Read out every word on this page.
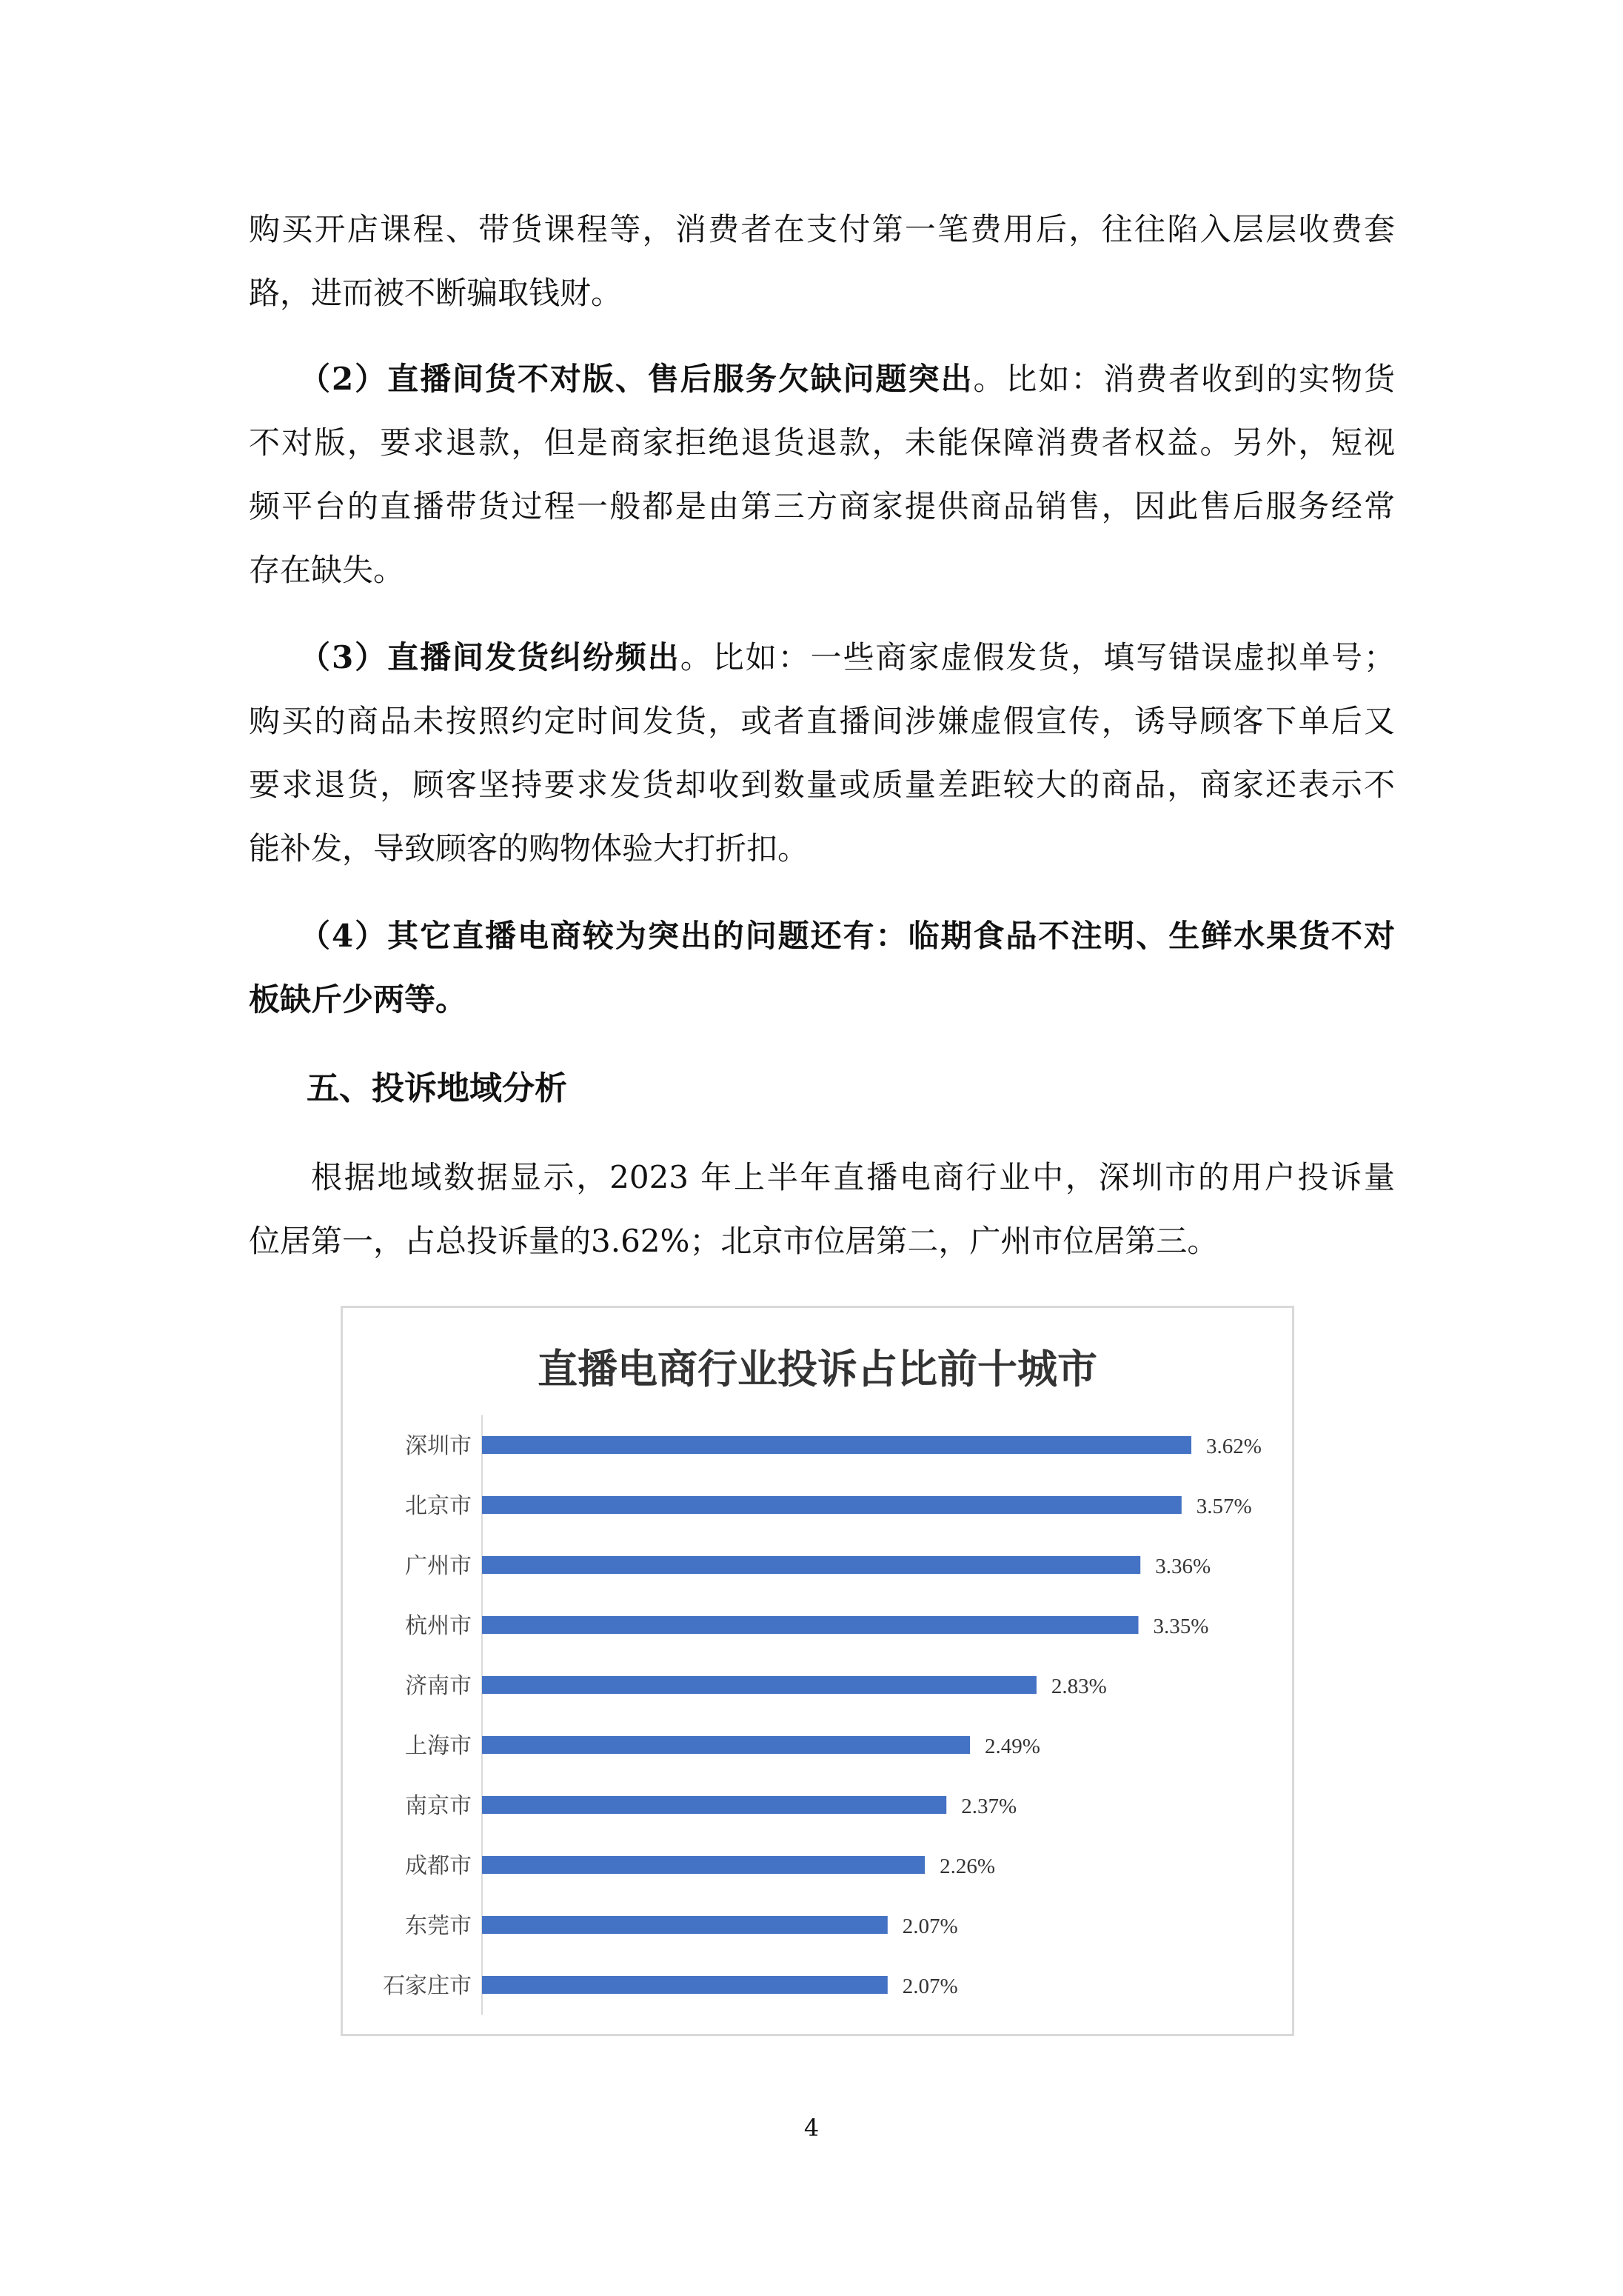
购买开店课程、带货课程等，消费者在支付第一笔费用后，往往陷入层层收费套
路，进而被不断骗取钱财。
（2）直播间货不对版、售后服务欠缺问题突出。比如：消费者收到的实物货
不对版，要求退款，但是商家拒绝退货退款，未能保障消费者权益。另外，短视
频平台的直播带货过程一般都是由第三方商家提供商品销售，因此售后服务经常
存在缺失。
（3）直播间发货纠纷频出。比如：一些商家虚假发货，填写错误虚拟单号；
购买的商品未按照约定时间发货，或者直播间涉嫌虚假宣传，诱导顾客下单后又
要求退货，顾客坚持要求发货却收到数量或质量差距较大的商品，商家还表示不
能补发，导致顾客的购物体验大打折扣。
（4）其它直播电商较为突出的问题还有：临期食品不注明、生鲜水果货不对
板缺斤少两等。
五、投诉地域分析
根据地域数据显示，2023 年上半年直播电商行业中，深圳市的用户投诉量
位居第一，占总投诉量的3.62%；北京市位居第二，广州市位居第三。
直播电商行业投诉占比前十城市
深圳市	3.62%
北京市	3.57%
广州市	3.36%
杭州市	3.35%
济南市	2.83%
上海市	2.49%
南京市	2.37%
成都市	2.26%
东莞市	2.07%
石家庄市	2.07%
4
